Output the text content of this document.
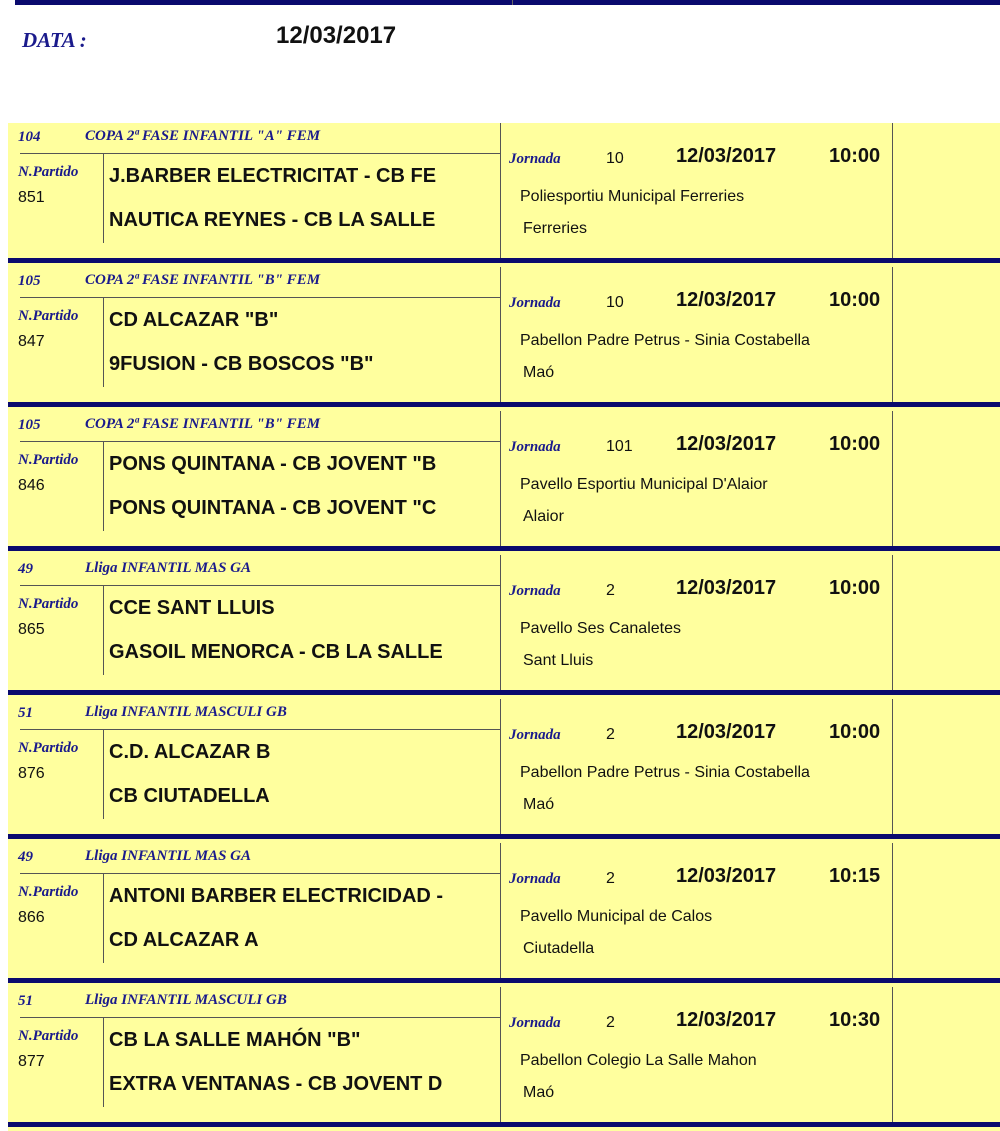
DATA :	12/03/2017
104	COPA 2ª FASE INFANTIL "A" FEM
N.Partido
851
J.BARBER ELECTRICITAT - CB FE
NAUTICA REYNES - CB LA SALLE
Jornada	10	12/03/2017	10:00
Poliesportiu Municipal Ferreries
Ferreries
105	COPA 2ª FASE INFANTIL "B" FEM
N.Partido
847
CD ALCAZAR "B"
9FUSION - CB BOSCOS "B"
Jornada	10	12/03/2017	10:00
Pabellon Padre Petrus - Sinia Costabella
Maó
105	COPA 2ª FASE INFANTIL "B" FEM
N.Partido
846
PONS QUINTANA - CB JOVENT "B
PONS QUINTANA - CB JOVENT "C
Jornada	101 12/03/2017	10:00
Pavello Esportiu Municipal D'Alaior
Alaior
49	Lliga INFANTIL MAS GA
N.Partido
865
CCE SANT LLUIS
GASOIL MENORCA - CB LA SALLE
Jornada	2	12/03/2017	10:00
Pavello Ses Canaletes
Sant Lluis
51	Lliga INFANTIL MASCULI GB
N.Partido
876
C.D. ALCAZAR B
CB CIUTADELLA
Jornada	2	12/03/2017	10:00
Pabellon Padre Petrus - Sinia Costabella
Maó
49	Lliga INFANTIL MAS GA
N.Partido
866
ANTONI BARBER ELECTRICIDAD -
CD ALCAZAR A
Jornada	2	12/03/2017	10:15
Pavello Municipal de Calos
Ciutadella
51	Lliga INFANTIL MASCULI GB
N.Partido
877
CB LA SALLE MAHÓN "B"
EXTRA VENTANAS - CB JOVENT D
Jornada	2	12/03/2017	10:30
Pabellon Colegio La Salle Mahon
Maó
